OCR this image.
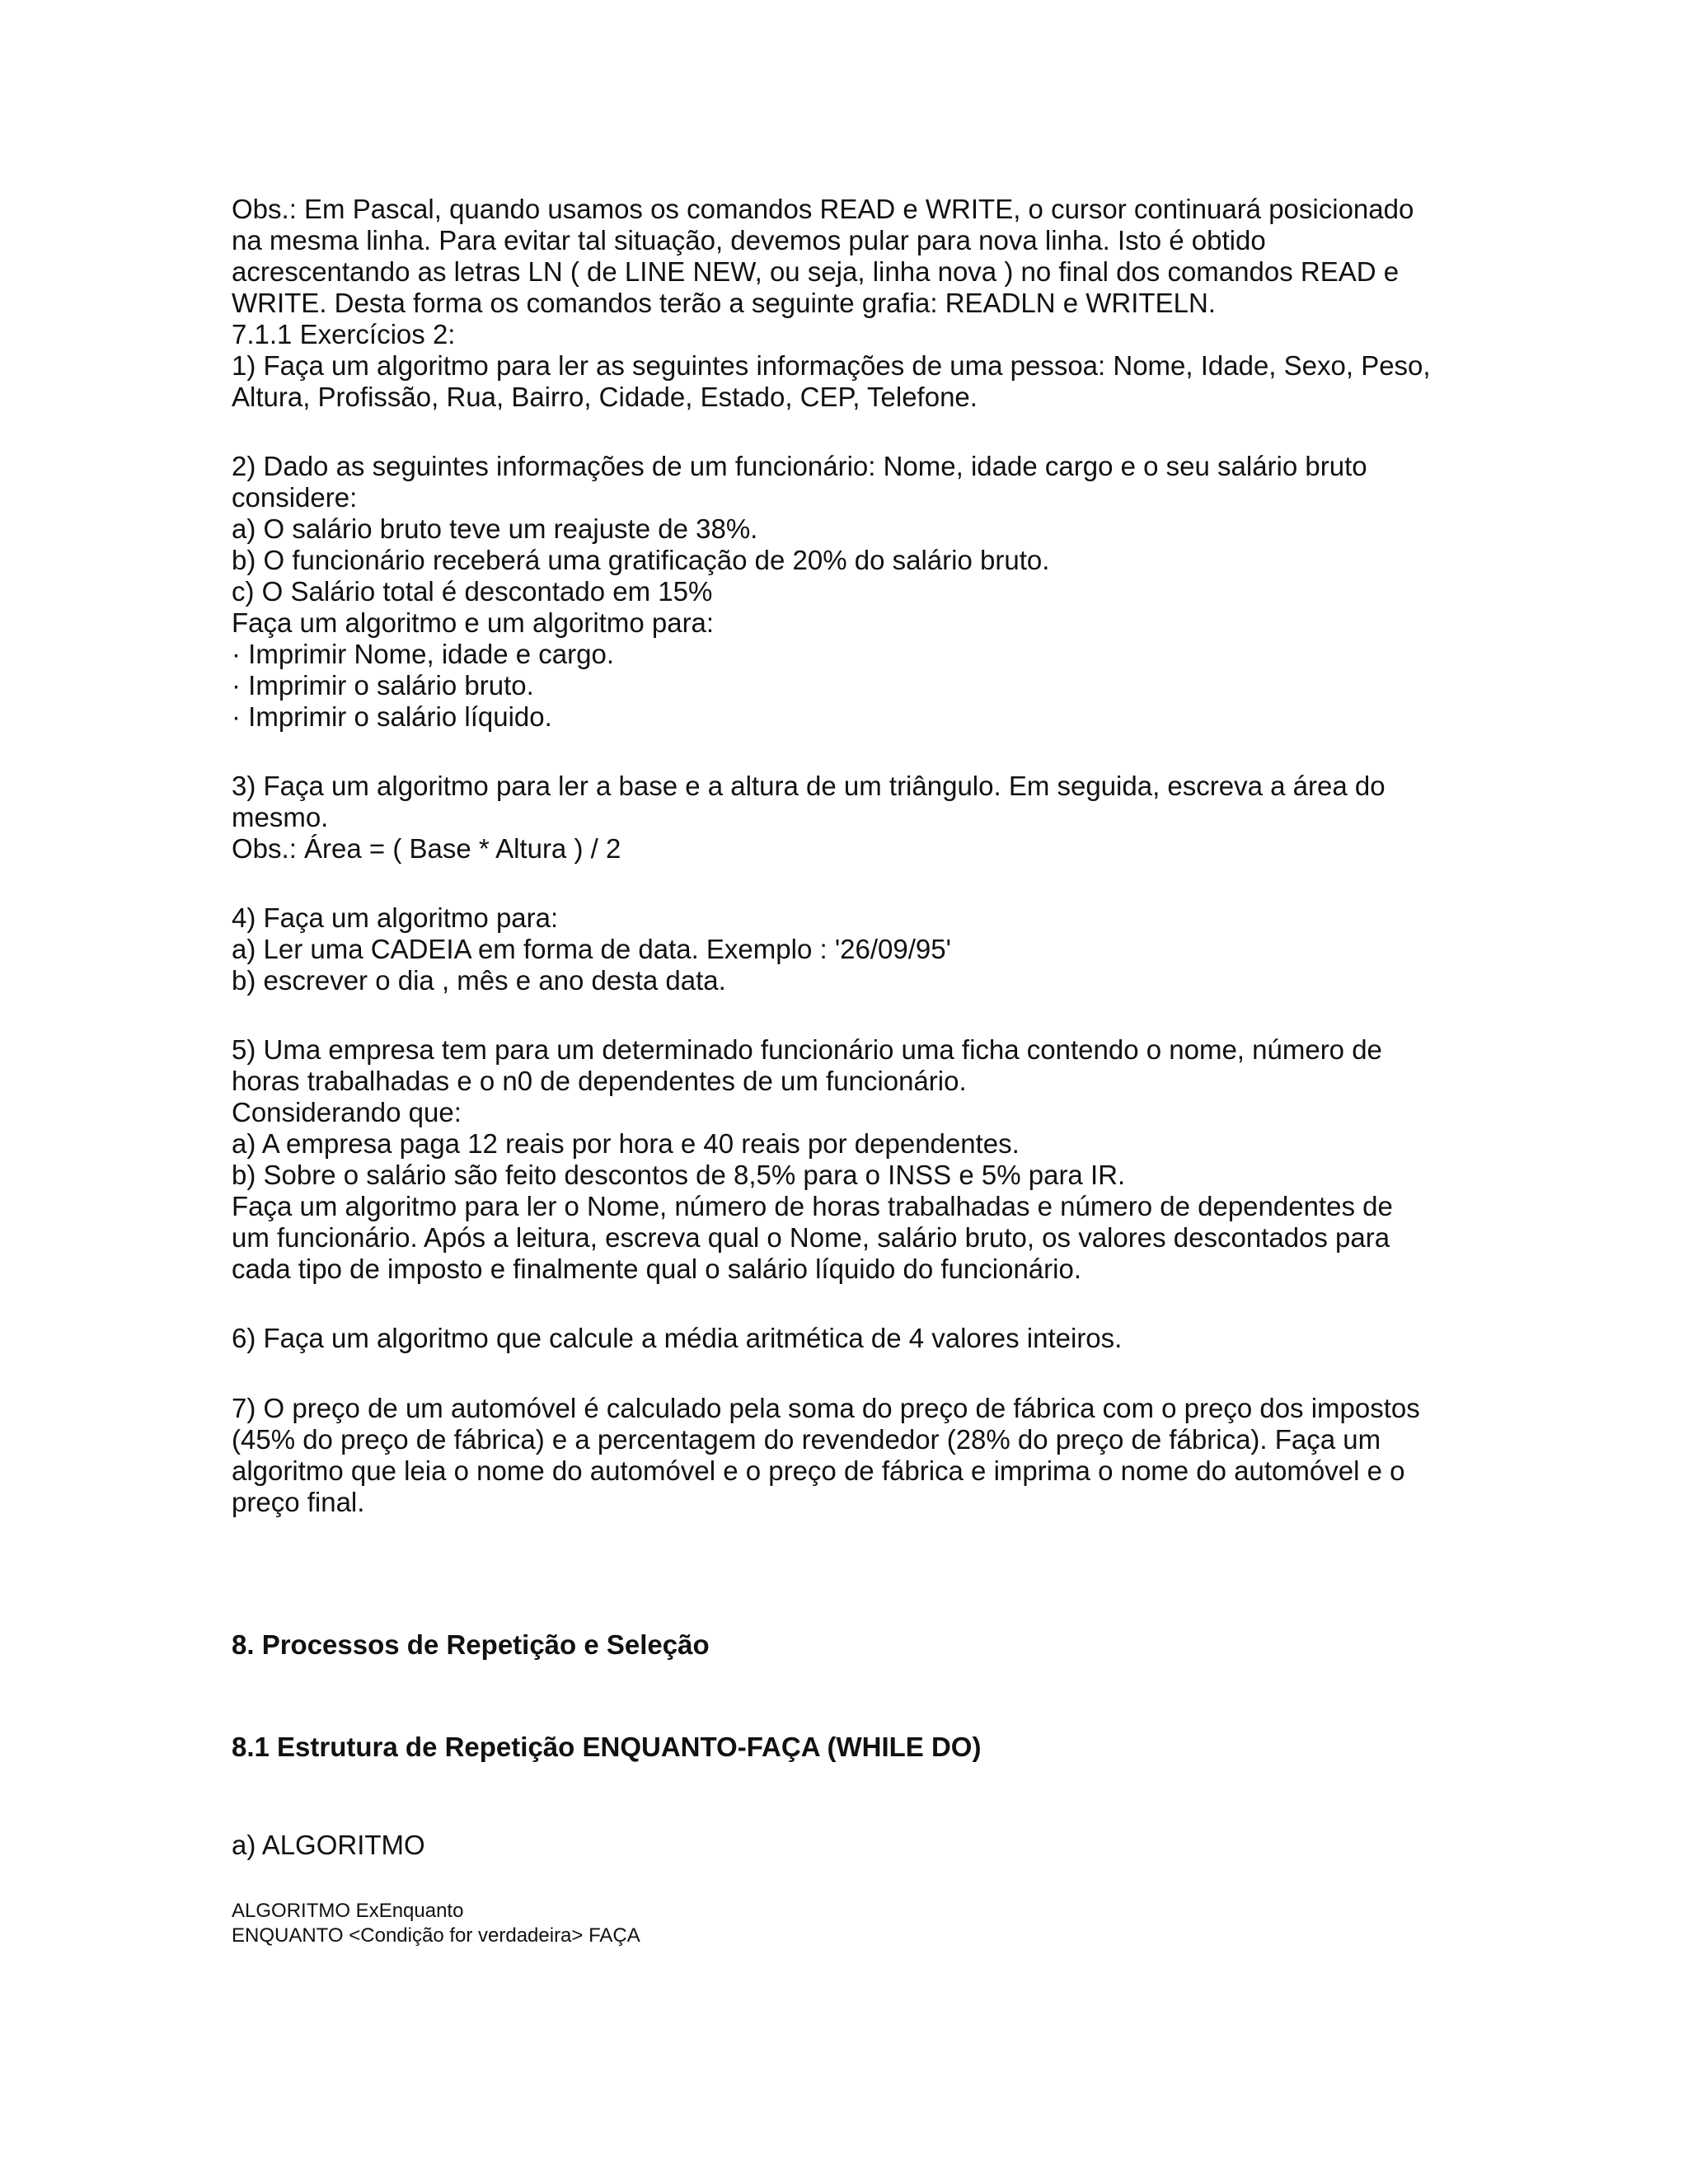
Obs.: Em Pascal, quando usamos os comandos READ e WRITE, o cursor continuará posicionado

na mesma linha. Para evitar tal situação, devemos pular para nova linha. Isto é obtido

acrescentando as letras LN ( de LINE NEW, ou seja, linha nova ) no final dos comandos READ e

WRITE. Desta forma os comandos terão a seguinte grafia: READLN e WRITELN.

7.1.1 Exercícios 2:

1) Faça um algoritmo para ler as seguintes informações de uma pessoa: Nome, Idade, Sexo, Peso,

Altura, Profissão, Rua, Bairro, Cidade, Estado, CEP, Telefone.

2) Dado as seguintes informações de um funcionário: Nome, idade cargo e o seu salário bruto

considere:

a) O salário bruto teve um reajuste de 38%.

b) O funcionário receberá uma gratificação de 20% do salário bruto.

c) O Salário total é descontado em 15%

Faça um algoritmo e um algoritmo para:

· Imprimir Nome, idade e cargo.

· Imprimir o salário bruto.

· Imprimir o salário líquido.

3) Faça um algoritmo para ler a base e a altura de um triângulo. Em seguida, escreva a área do

mesmo.

Obs.: Área = ( Base * Altura ) / 2

4) Faça um algoritmo para:

a) Ler uma CADEIA em forma de data. Exemplo : '26/09/95'

b) escrever o dia , mês e ano desta data.

5) Uma empresa tem para um determinado funcionário uma ficha contendo o nome, número de

horas trabalhadas e o n0 de dependentes de um funcionário.

Considerando que:

a) A empresa paga 12 reais por hora e 40 reais por dependentes.

b) Sobre o salário são feito descontos de 8,5% para o INSS e 5% para IR.

Faça um algoritmo para ler o Nome, número de horas trabalhadas e número de dependentes de

um funcionário. Após a leitura, escreva qual o Nome, salário bruto, os valores descontados para

cada tipo de imposto e finalmente qual o salário líquido do funcionário.

6) Faça um algoritmo que calcule a média aritmética de 4 valores inteiros.

7) O preço de um automóvel é calculado pela soma do preço de fábrica com o preço dos impostos

(45% do preço de fábrica) e a percentagem do revendedor (28% do preço de fábrica). Faça um

algoritmo que leia o nome do automóvel e o preço de fábrica e imprima o nome do automóvel e o

preço final.

8. Processos de Repetição e Seleção

8.1 Estrutura de Repetição ENQUANTO-FAÇA (WHILE DO)

a) ALGORITMO

ALGORITMO ExEnquanto

ENQUANTO <Condição for verdadeira> FAÇA
